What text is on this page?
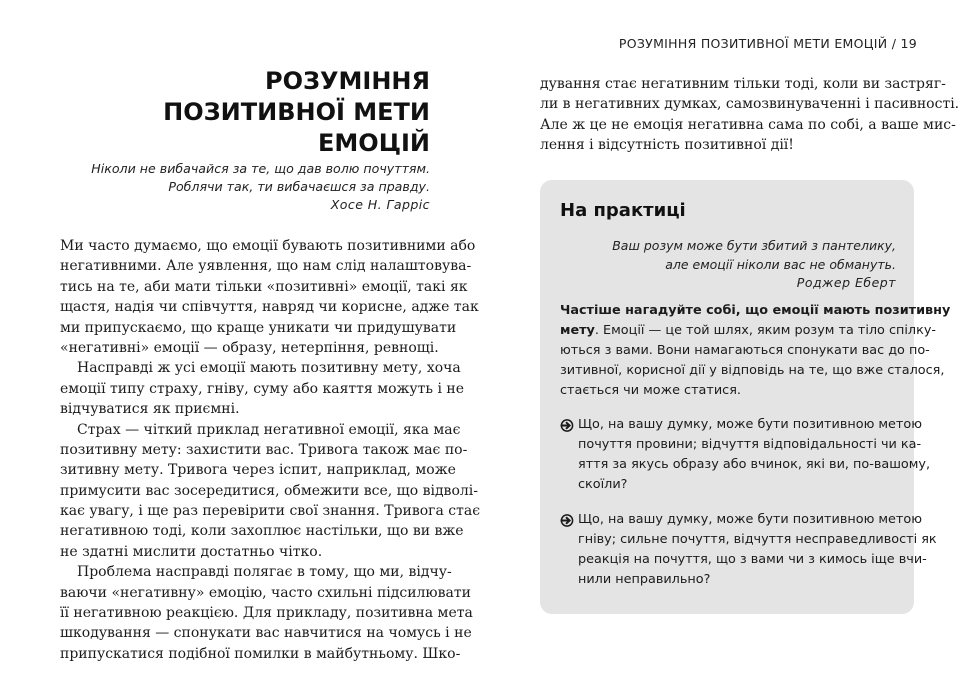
РОЗУМІННЯ
ПОЗИТИВНОЇ МЕТИ ЕМОЦІЙ
Ніколи не вибачайся за те, що дав волю почуттям.
Роблячи так, ти вибачаєшся за правду.
Хосе Н. Гарріс
Ми часто думаємо, що емоції бувають позитивними або
негативними. Але уявлення, що нам слід налаштовува-
тись на те, аби мати тільки «позитивні» емоції, такі як
щастя, надія чи співчуття, навряд чи корисне, адже так
ми припускаємо, що краще уникати чи придушувати
«негативні» емоції — образу, нетерпіння, ревнощі.
Насправді ж усі емоції мають позитивну мету, хоча
емоції типу страху, гніву, суму або каяття можуть і не
відчуватися як приємні.
Страх — чіткий приклад негативної емоції, яка має
позитивну мету: захистити вас. Тривога також має по-
зитивну мету. Тривога через іспит, наприклад, може
примусити вас зосередитися, обмежити все, що відволі-
кає увагу, і ще раз перевірити свої знання. Тривога стає
негативною тоді, коли захоплює настільки, що ви вже
не здатні мислити достатньо чітко.
Проблема насправді полягає в тому, що ми, відчу-
ваючи «негативну» емоцію, часто схильні підсилювати
її негативною реакцією. Для прикладу, позитивна мета
шкодування — спонукати вас навчитися на чомусь і не
припускатися подібної помилки в майбутньому. Шко-
РОЗУМІННЯ ПОЗИТИВНОЇ МЕТИ ЕМОЦІЙ / 19
дування стає негативним тільки тоді, коли ви застряг-
ли в негативних думках, самозвинуваченні і пасивності.
Але ж це не емоція негативна сама по собі, а ваше мис-
лення і відсутність позитивної дії!
На практиці
Ваш розум може бути збитий з пантелику,
але емоції ніколи вас не обмануть.
Роджер Еберт
Частіше нагадуйте собі, що емоції мають позитивну
мету. Емоції — це той шлях, яким розум та тіло спілку-
ються з вами. Вони намагаються спонукати вас до по-
зитивної, корисної дії у відповідь на те, що вже сталося,
стається чи може статися.
Що, на вашу думку, може бути позитивною метою
почуття провини; відчуття відповідальності чи ка-
яття за якусь образу або вчинок, які ви, по-вашому,
скоїли?
Що, на вашу думку, може бути позитивною метою
гніву; сильне почуття, відчуття несправедливості як
реакція на почуття, що з вами чи з кимось іще вчи-
нили неправильно?
